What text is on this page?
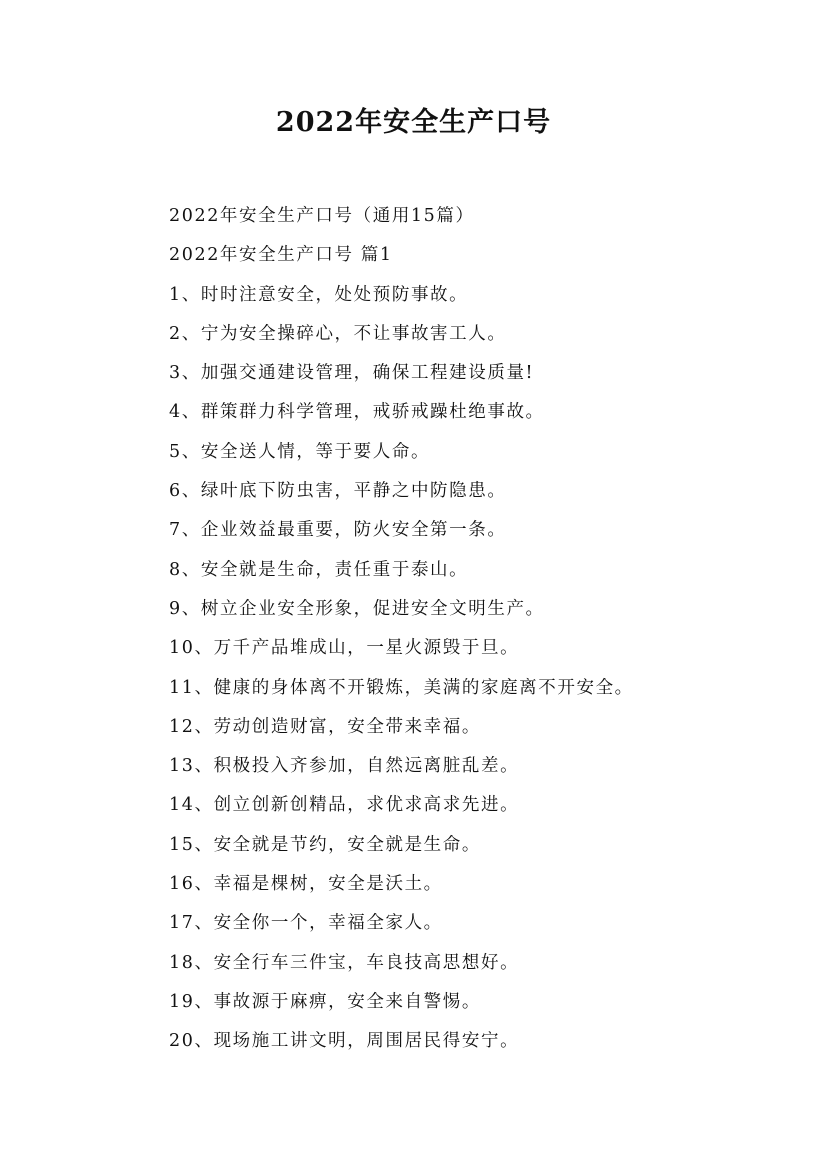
2022年安全生产口号
2022年安全生产口号（通用15篇）
2022年安全生产口号 篇1
1、时时注意安全，处处预防事故。
2、宁为安全操碎心，不让事故害工人。
3、加强交通建设管理，确保工程建设质量!
4、群策群力科学管理，戒骄戒躁杜绝事故。
5、安全送人情，等于要人命。
6、绿叶底下防虫害，平静之中防隐患。
7、企业效益最重要，防火安全第一条。
8、安全就是生命，责任重于泰山。
9、树立企业安全形象，促进安全文明生产。
10、万千产品堆成山，一星火源毁于旦。
11、健康的身体离不开锻炼，美满的家庭离不开安全。
12、劳动创造财富，安全带来幸福。
13、积极投入齐参加，自然远离脏乱差。
14、创立创新创精品，求优求高求先进。
15、安全就是节约，安全就是生命。
16、幸福是棵树，安全是沃土。
17、安全你一个，幸福全家人。
18、安全行车三件宝，车良技高思想好。
19、事故源于麻痹，安全来自警惕。
20、现场施工讲文明，周围居民得安宁。
